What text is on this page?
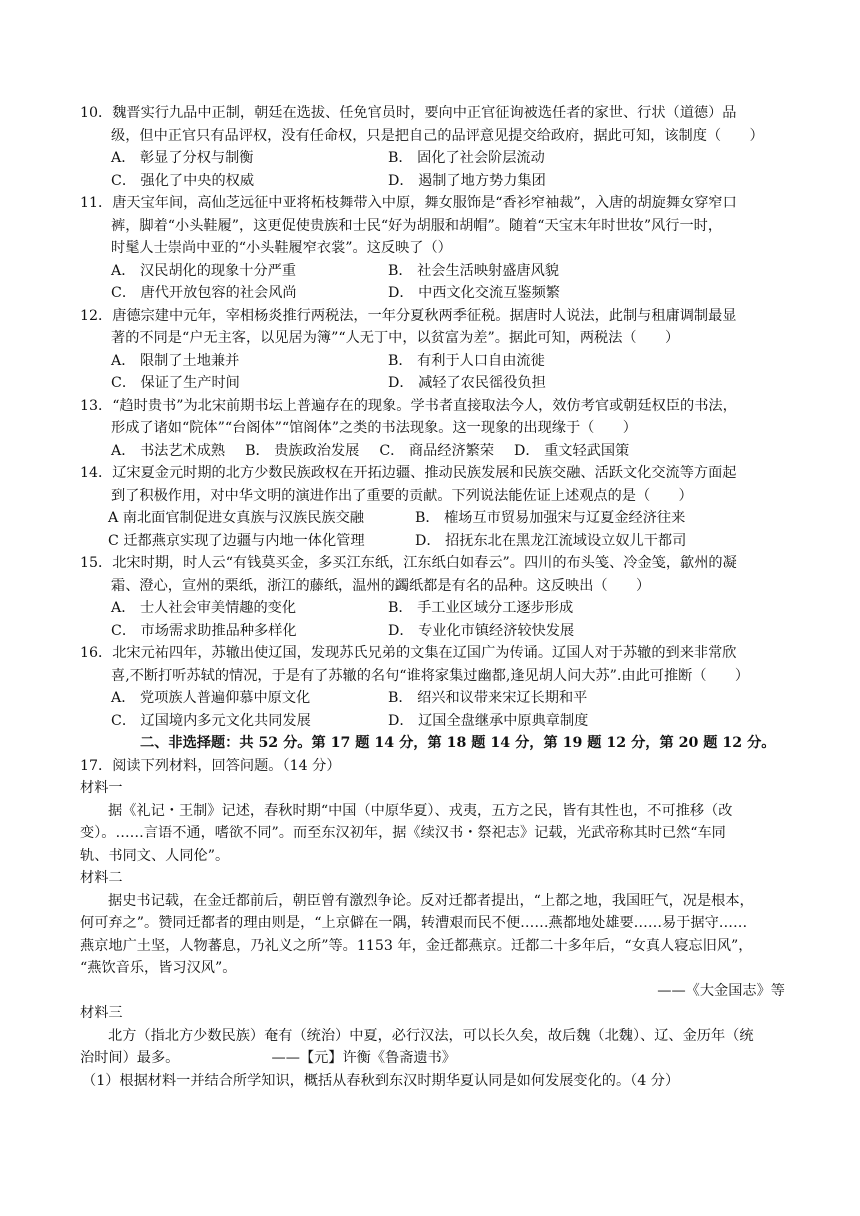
10．魏晋实行九品中正制，朝廷在选拔、任免官员时，要向中正官征询被选任者的家世、行状（道德）品
级，但中正官只有品评权，没有任命权，只是把自己的品评意见提交给政府，据此可知，该制度（　　）
A． 彰显了分权与制衡	B． 固化了社会阶层流动
C． 强化了中央的权威	D． 遏制了地方势力集团
11．唐天宝年间，高仙芝远征中亚将柘枝舞带入中原，舞女服饰是“香衫窄袖裁”，入唐的胡旋舞女穿窄口
裤，脚着“小头鞋履”，这更促使贵族和士民“好为胡服和胡帽”。随着“天宝末年时世妆”风行一时，
时髦人士崇尚中亚的“小头鞋履窄衣裳”。这反映了（）
A． 汉民胡化的现象十分严重	B． 社会生活映射盛唐风貌
C． 唐代开放包容的社会风尚	D． 中西文化交流互鉴频繁
12．唐德宗建中元年，宰相杨炎推行两税法，一年分夏秋两季征税。据唐时人说法，此制与租庸调制最显
著的不同是“户无主客，以见居为簿”“人无丁中，以贫富为差”。据此可知，两税法（　　）
A． 限制了土地兼并	B． 有利于人口自由流徙
C． 保证了生产时间	D． 减轻了农民徭役负担
13．“趋时贵书”为北宋前期书坛上普遍存在的现象。学书者直接取法今人，效仿考官或朝廷权臣的书法，
形成了诸如“院体”“台阁体”“馆阁体”之类的书法现象。这一现象的出现缘于（　　）
A． 书法艺术成熟 B． 贵族政治发展 C． 商品经济繁荣 D． 重文轻武国策
14．辽宋夏金元时期的北方少数民族政权在开拓边疆、推动民族发展和民族交融、活跃文化交流等方面起
到了积极作用，对中华文明的演进作出了重要的贡献。下列说法能佐证上述观点的是（　　）
A 南北面官制促进女真族与汉族民族交融	B． 榷场互市贸易加强宋与辽夏金经济往来
C 迁都燕京实现了边疆与内地一体化管理	D． 招抚东北在黑龙江流域设立奴儿干都司
15．北宋时期，时人云“有钱莫买金，多买江东纸，江东纸白如春云”。四川的布头笺、冷金笺，歙州的凝
霜、澄心，宣州的栗纸，浙江的藤纸，温州的蠲纸都是有名的品种。这反映出（　　）
A． 士人社会审美情趣的变化	B． 手工业区域分工逐步形成
C． 市场需求助推品种多样化	D． 专业化市镇经济较快发展
16．北宋元祐四年，苏辙出使辽国，发现苏氏兄弟的文集在辽国广为传诵。辽国人对于苏辙的到来非常欣
喜,不断打听苏轼的情况，于是有了苏辙的名句“谁将家集过幽都,逢见胡人问大苏”.由此可推断（　　）
A． 党项族人普遍仰慕中原文化	B． 绍兴和议带来宋辽长期和平
C． 辽国境内多元文化共同发展	D． 辽国全盘继承中原典章制度
二、非选择题：共 52 分。第 17 题 14 分，第 18 题 14 分，第 19 题 12 分，第 20 题 12 分。
17．阅读下列材料，回答问题。（14 分）
材料一
据《礼记・王制》记述，春秋时期“中国（中原华夏）、戎夷，五方之民，皆有其性也，不可推移（改
变）。……言语不通，嗜欲不同”。而至东汉初年，据《续汉书・祭祀志》记载，光武帝称其时已然“车同
轨、书同文、人同伦”。
材料二
据史书记载，在金迁都前后，朝臣曾有激烈争论。反对迁都者提出，“上都之地，我国旺气，况是根本，
何可弃之”。赞同迁都者的理由则是，“上京僻在一隅，转漕艰而民不便……燕都地处雄要……易于据守……
燕京地广土坚，人物蕃息，乃礼义之所”等。1153 年，金迁都燕京。迁都二十多年后，“女真人寝忘旧风”，
“燕饮音乐，皆习汉风”。
——《大金国志》等
材料三
北方（指北方少数民族）奄有（统治）中夏，必行汉法，可以长久矣，故后魏（北魏）、辽、金历年（统
治时间）最多。　　　　　　　——【元】许衡《鲁斋遗书》
（1）根据材料一并结合所学知识，概括从春秋到东汉时期华夏认同是如何发展变化的。（4 分）
